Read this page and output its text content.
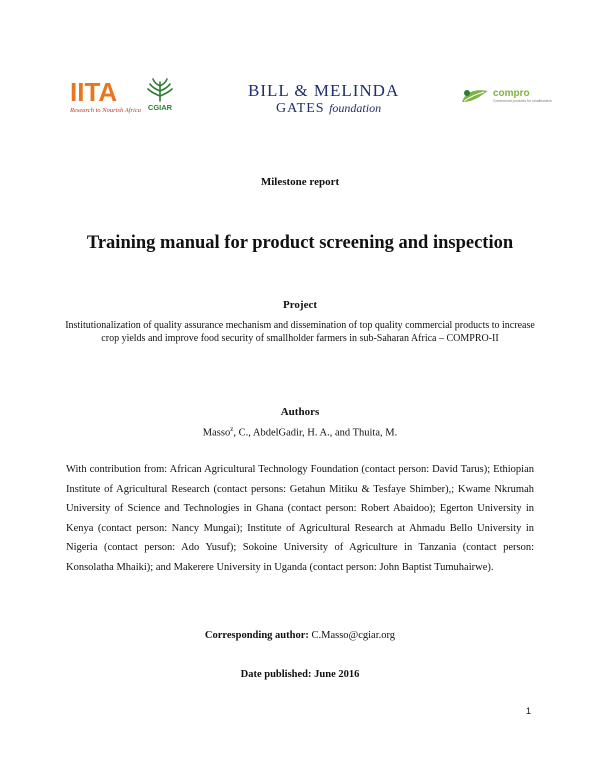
IITA
Research to Nourish Africa CGIAR
BILL & MELINDA
GATES foundation
compro
Commercial products for smallholders
Milestone report
Training manual for product screening and inspection
Project
Institutionalization of quality assurance mechanism and dissemination of top quality commercial products to increase crop yields and improve food security of smallholder farmers in sub-Saharan Africa – COMPRO-II
Authors
Masso$^z$, C., AbdelGadir, H. A., and Thuita, M.
With contribution from: African Agricultural Technology Foundation (contact person: David Tarus); Ethiopian Institute of Agricultural Research (contact persons: Getahun Mitiku & Tesfaye Shimber),; Kwame Nkrumah University of Science and Technologies in Ghana (contact person: Robert Abaidoo); Egerton University in Kenya (contact person: Nancy Mungai); Institute of Agricultural Research at Ahmadu Bello University in Nigeria (contact person: Ado Yusuf); Sokoine University of Agriculture in Tanzania (contact person: Konsolatha Mhaiki); and Makerere University in Uganda (contact person: John Baptist Tumuhairwe).
Corresponding author: C.Masso@cgiar.org
Date published: June 2016
1
